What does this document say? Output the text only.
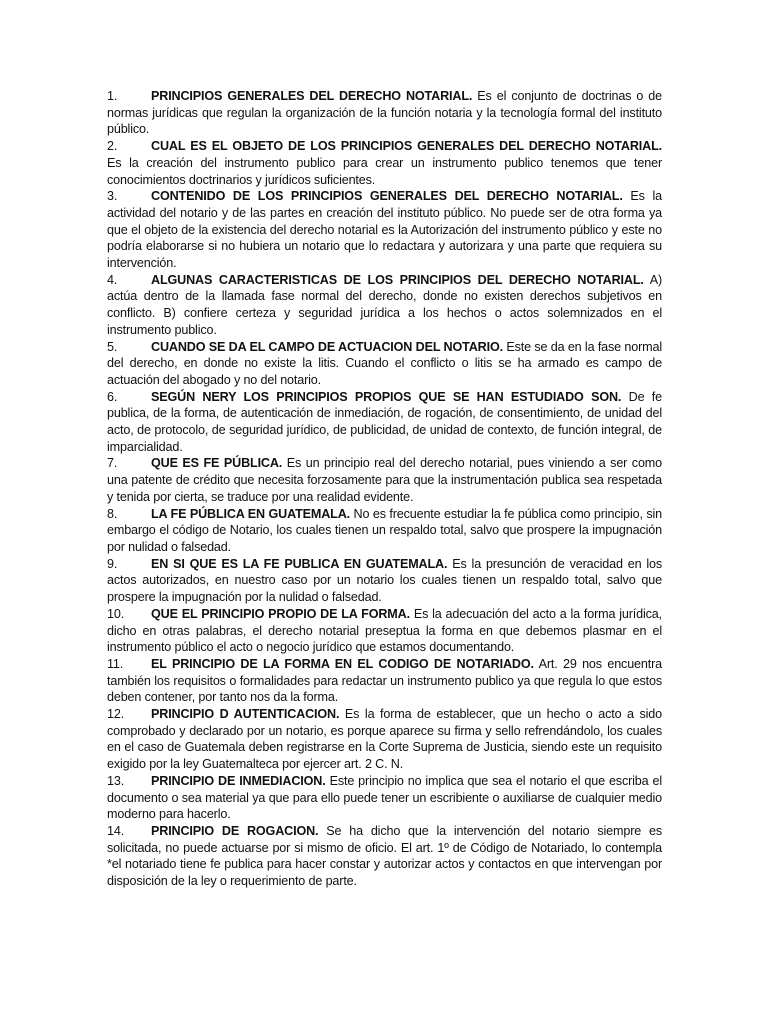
1.	PRINCIPIOS GENERALES DEL DERECHO NOTARIAL. Es el conjunto de doctrinas o de normas jurídicas que regulan la organización de la función notaria y la tecnología formal del instituto público.
2.	CUAL ES EL OBJETO DE LOS PRINCIPIOS GENERALES DEL DERECHO NOTARIAL. Es la creación del instrumento publico para crear un instrumento publico tenemos que tener conocimientos doctrinarios y jurídicos suficientes.
3.	CONTENIDO DE LOS PRINCIPIOS GENERALES DEL DERECHO NOTARIAL. Es la actividad del notario y de las partes en creación del instituto público. No puede ser de otra forma ya que el objeto de la existencia del derecho notarial es la Autorización del instrumento público y este no podría elaborarse si no hubiera un notario que lo redactara y autorizara y una parte que requiera su intervención.
4.	ALGUNAS CARACTERISTICAS DE LOS PRINCIPIOS DEL DERECHO NOTARIAL. A) actúa dentro de la llamada fase normal del derecho, donde no existen derechos subjetivos en conflicto. B) confiere certeza y seguridad jurídica a los hechos o actos solemnizados en el instrumento publico.
5.	CUANDO SE DA EL CAMPO DE ACTUACION DEL NOTARIO. Este se da en la fase normal del derecho, en donde no existe la litis. Cuando el conflicto o litis se ha armado es campo de actuación del abogado y no del notario.
6.	SEGÚN NERY LOS PRINCIPIOS PROPIOS QUE SE HAN ESTUDIADO SON. De fe publica, de la forma, de autenticación de inmediación, de rogación, de consentimiento, de unidad del acto, de protocolo, de seguridad jurídico, de publicidad, de unidad de contexto, de función integral, de imparcialidad.
7.	QUE ES FE PÚBLICA. Es un principio real del derecho notarial, pues viniendo a ser como una patente de crédito que necesita forzosamente para que la instrumentación publica sea respetada y tenida por cierta, se traduce por una realidad evidente.
8.	LA FE PÚBLICA EN GUATEMALA. No es frecuente estudiar la fe pública como principio, sin embargo el código de Notario, los cuales tienen un respaldo total, salvo que prospere la impugnación por nulidad o falsedad.
9.	EN SI QUE ES LA FE PUBLICA EN GUATEMALA. Es la presunción de veracidad en los actos autorizados, en nuestro caso por un notario los cuales tienen un respaldo total, salvo que prospere la impugnación por la nulidad o falsedad.
10. QUE EL PRINCIPIO PROPIO DE LA FORMA. Es la adecuación del acto a la forma jurídica, dicho en otras palabras, el derecho notarial preseptua la forma en que debemos plasmar en el instrumento público el acto o negocio jurídico que estamos documentando.
11. EL PRINCIPIO DE LA FORMA EN EL CODIGO DE NOTARIADO. Art. 29 nos encuentra también los requisitos o formalidades para redactar un instrumento publico ya que regula lo que estos deben contener, por tanto nos da la forma.
12. PRINCIPIO D AUTENTICACION. Es la forma de establecer, que un hecho o acto a sido comprobado y declarado por un notario, es porque aparece su firma y sello refrendándolo, los cuales en el caso de Guatemala deben registrarse en la Corte Suprema de Justicia, siendo este un requisito exigido por la ley Guatemalteca por ejercer art. 2 C. N.
13. PRINCIPIO DE INMEDIACION. Este principio no implica que sea el notario el que escriba el documento o sea material ya que para ello puede tener un escribiente o auxiliarse de cualquier medio moderno para hacerlo.
14. PRINCIPIO DE ROGACION. Se ha dicho que la intervención del notario siempre es solicitada, no puede actuarse por si mismo de oficio. El art. 1º de Código de Notariado, lo contempla *el notariado tiene fe publica para hacer constar y autorizar actos y contactos en que intervengan por disposición de la ley o requerimiento de parte.
